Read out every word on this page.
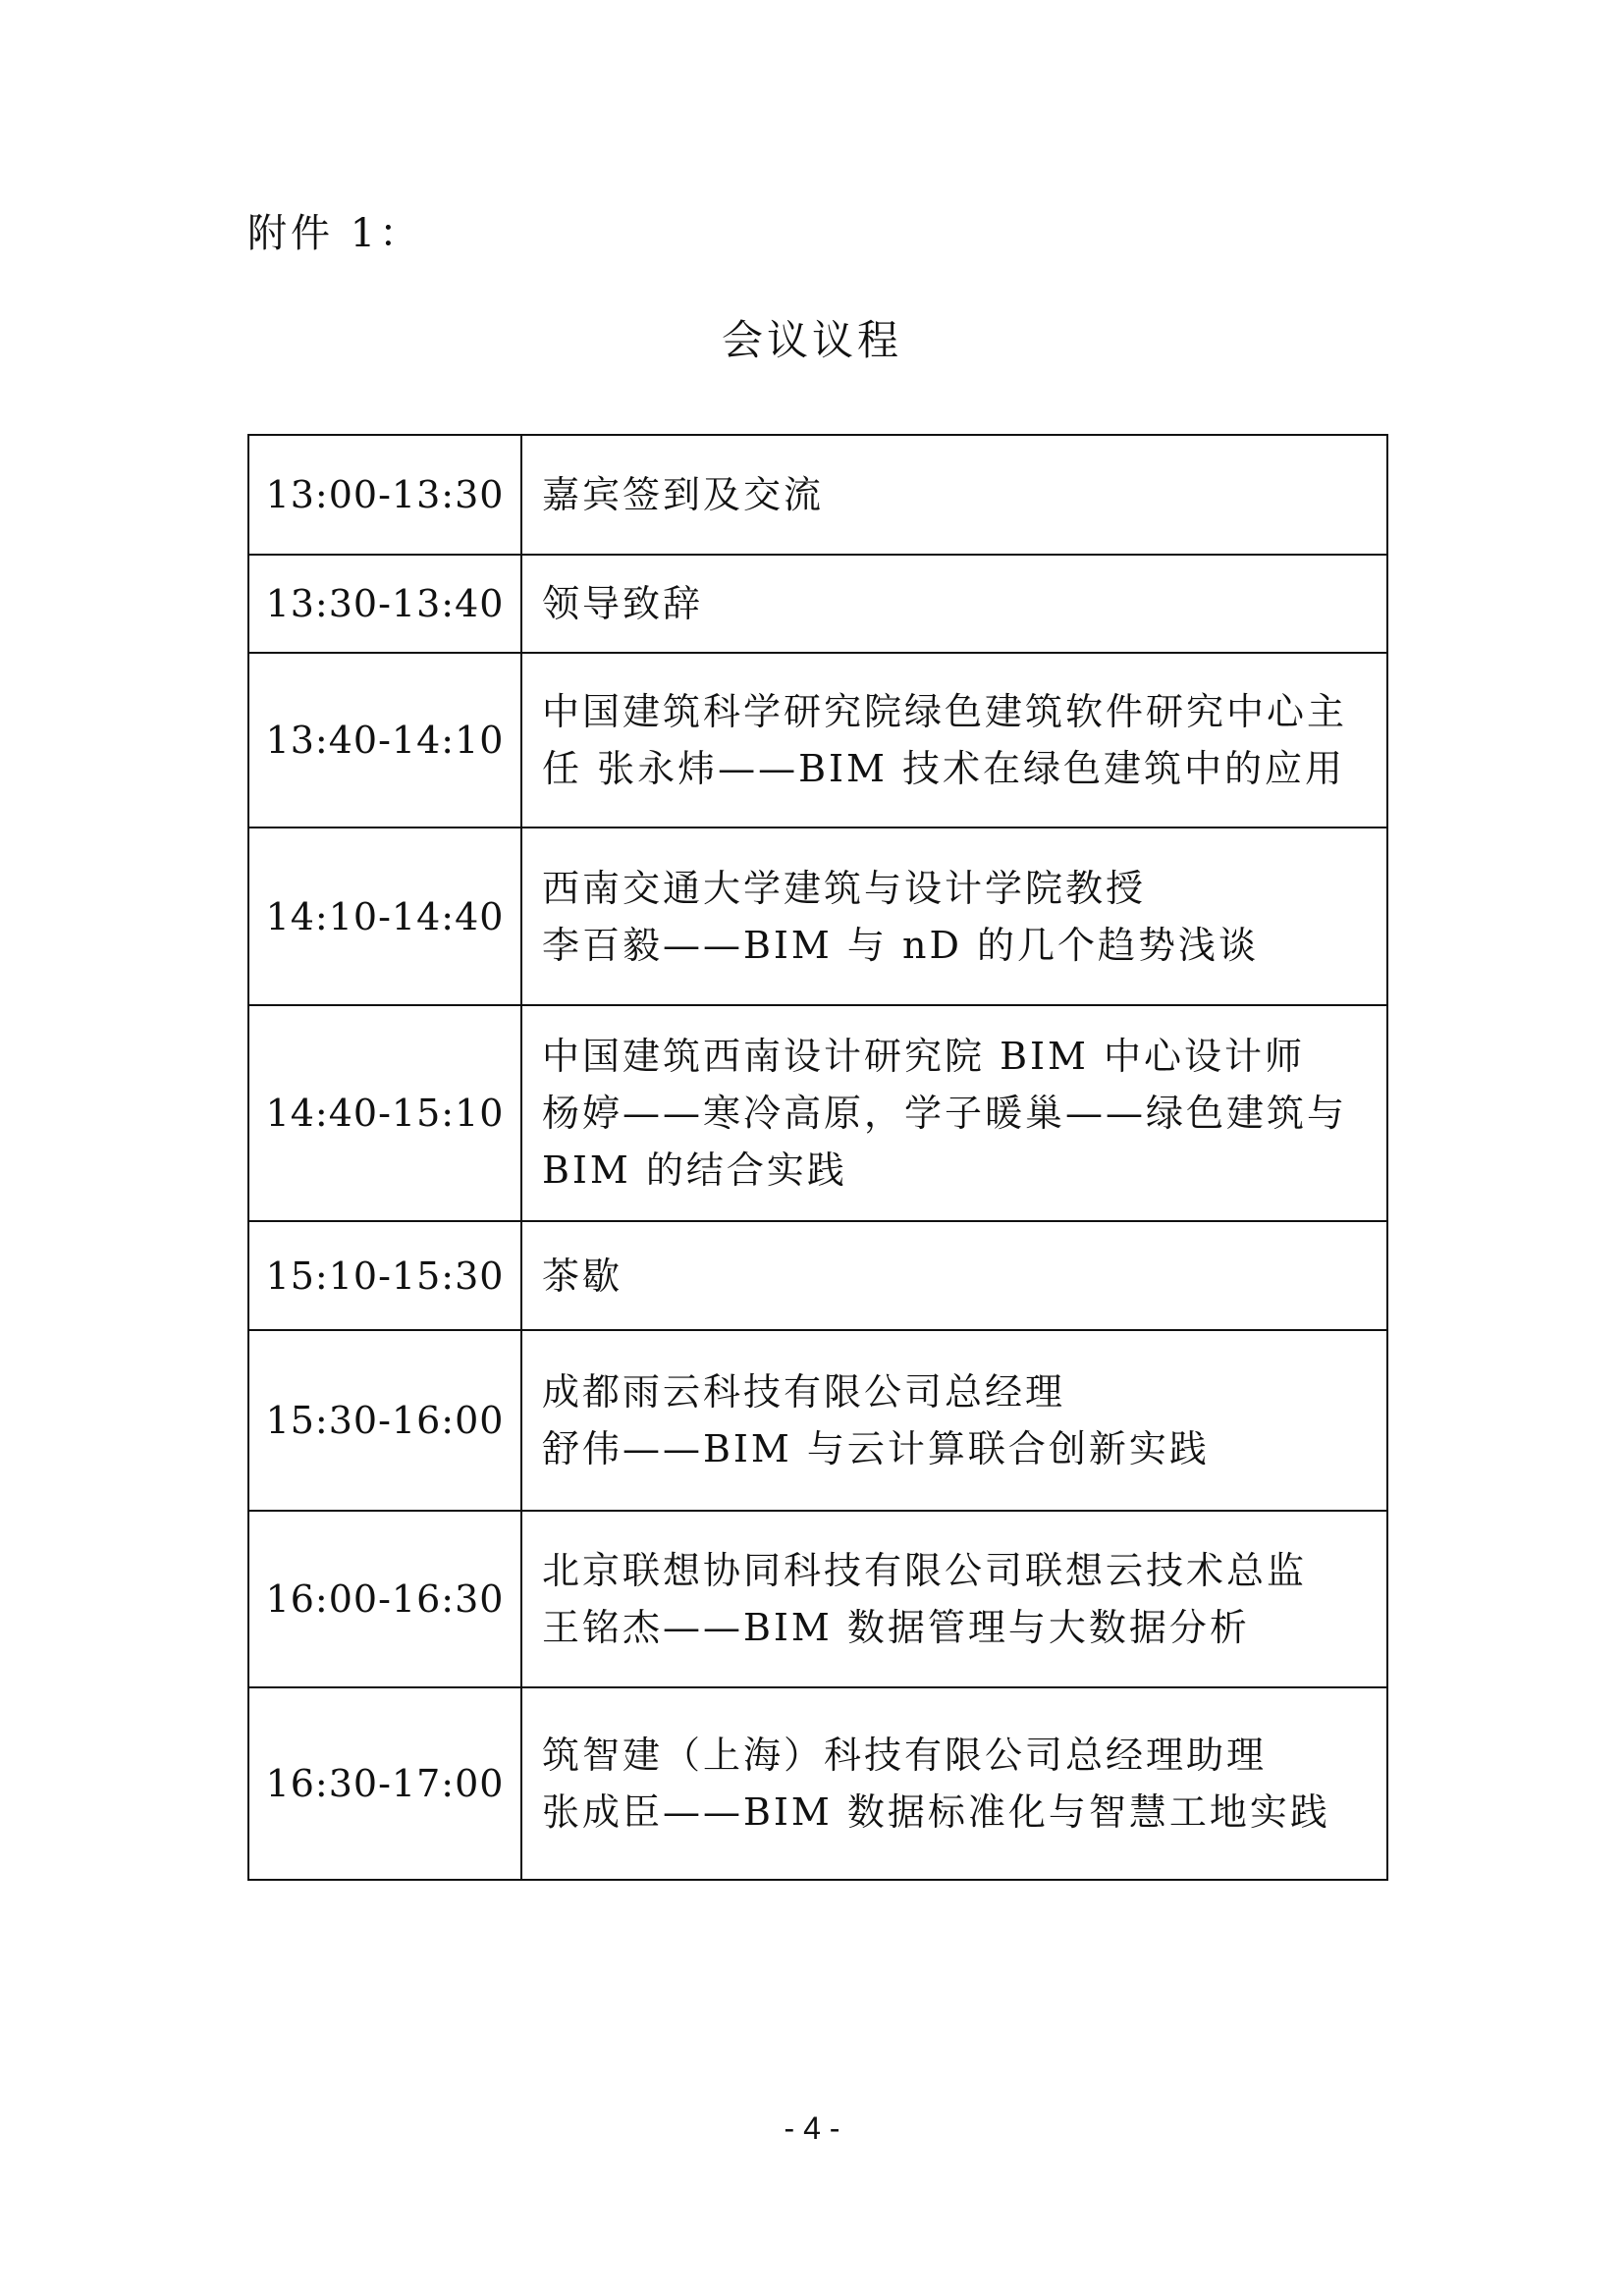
附件 1：
会议议程
13:00-13:30	嘉宾签到及交流

13:30-13:40	领导致辞

13:40-14:10	中国建筑科学研究院绿色建筑软件研究中心主
任 张永炜——BIM 技术在绿色建筑中的应用

14:10-14:40	西南交通大学建筑与设计学院教授
李百毅——BIM 与 nD 的几个趋势浅谈

14:40-15:10	中国建筑西南设计研究院 BIM 中心设计师
杨婷——寒冷高原，学子暖巢——绿色建筑与
BIM 的结合实践

15:10-15:30	茶歇

15:30-16:00	成都雨云科技有限公司总经理
舒伟——BIM 与云计算联合创新实践

16:00-16:30	北京联想协同科技有限公司联想云技术总监
王铭杰——BIM 数据管理与大数据分析

16:30-17:00	筑智建（上海）科技有限公司总经理助理
张成臣——BIM 数据标准化与智慧工地实践
- 4 -
